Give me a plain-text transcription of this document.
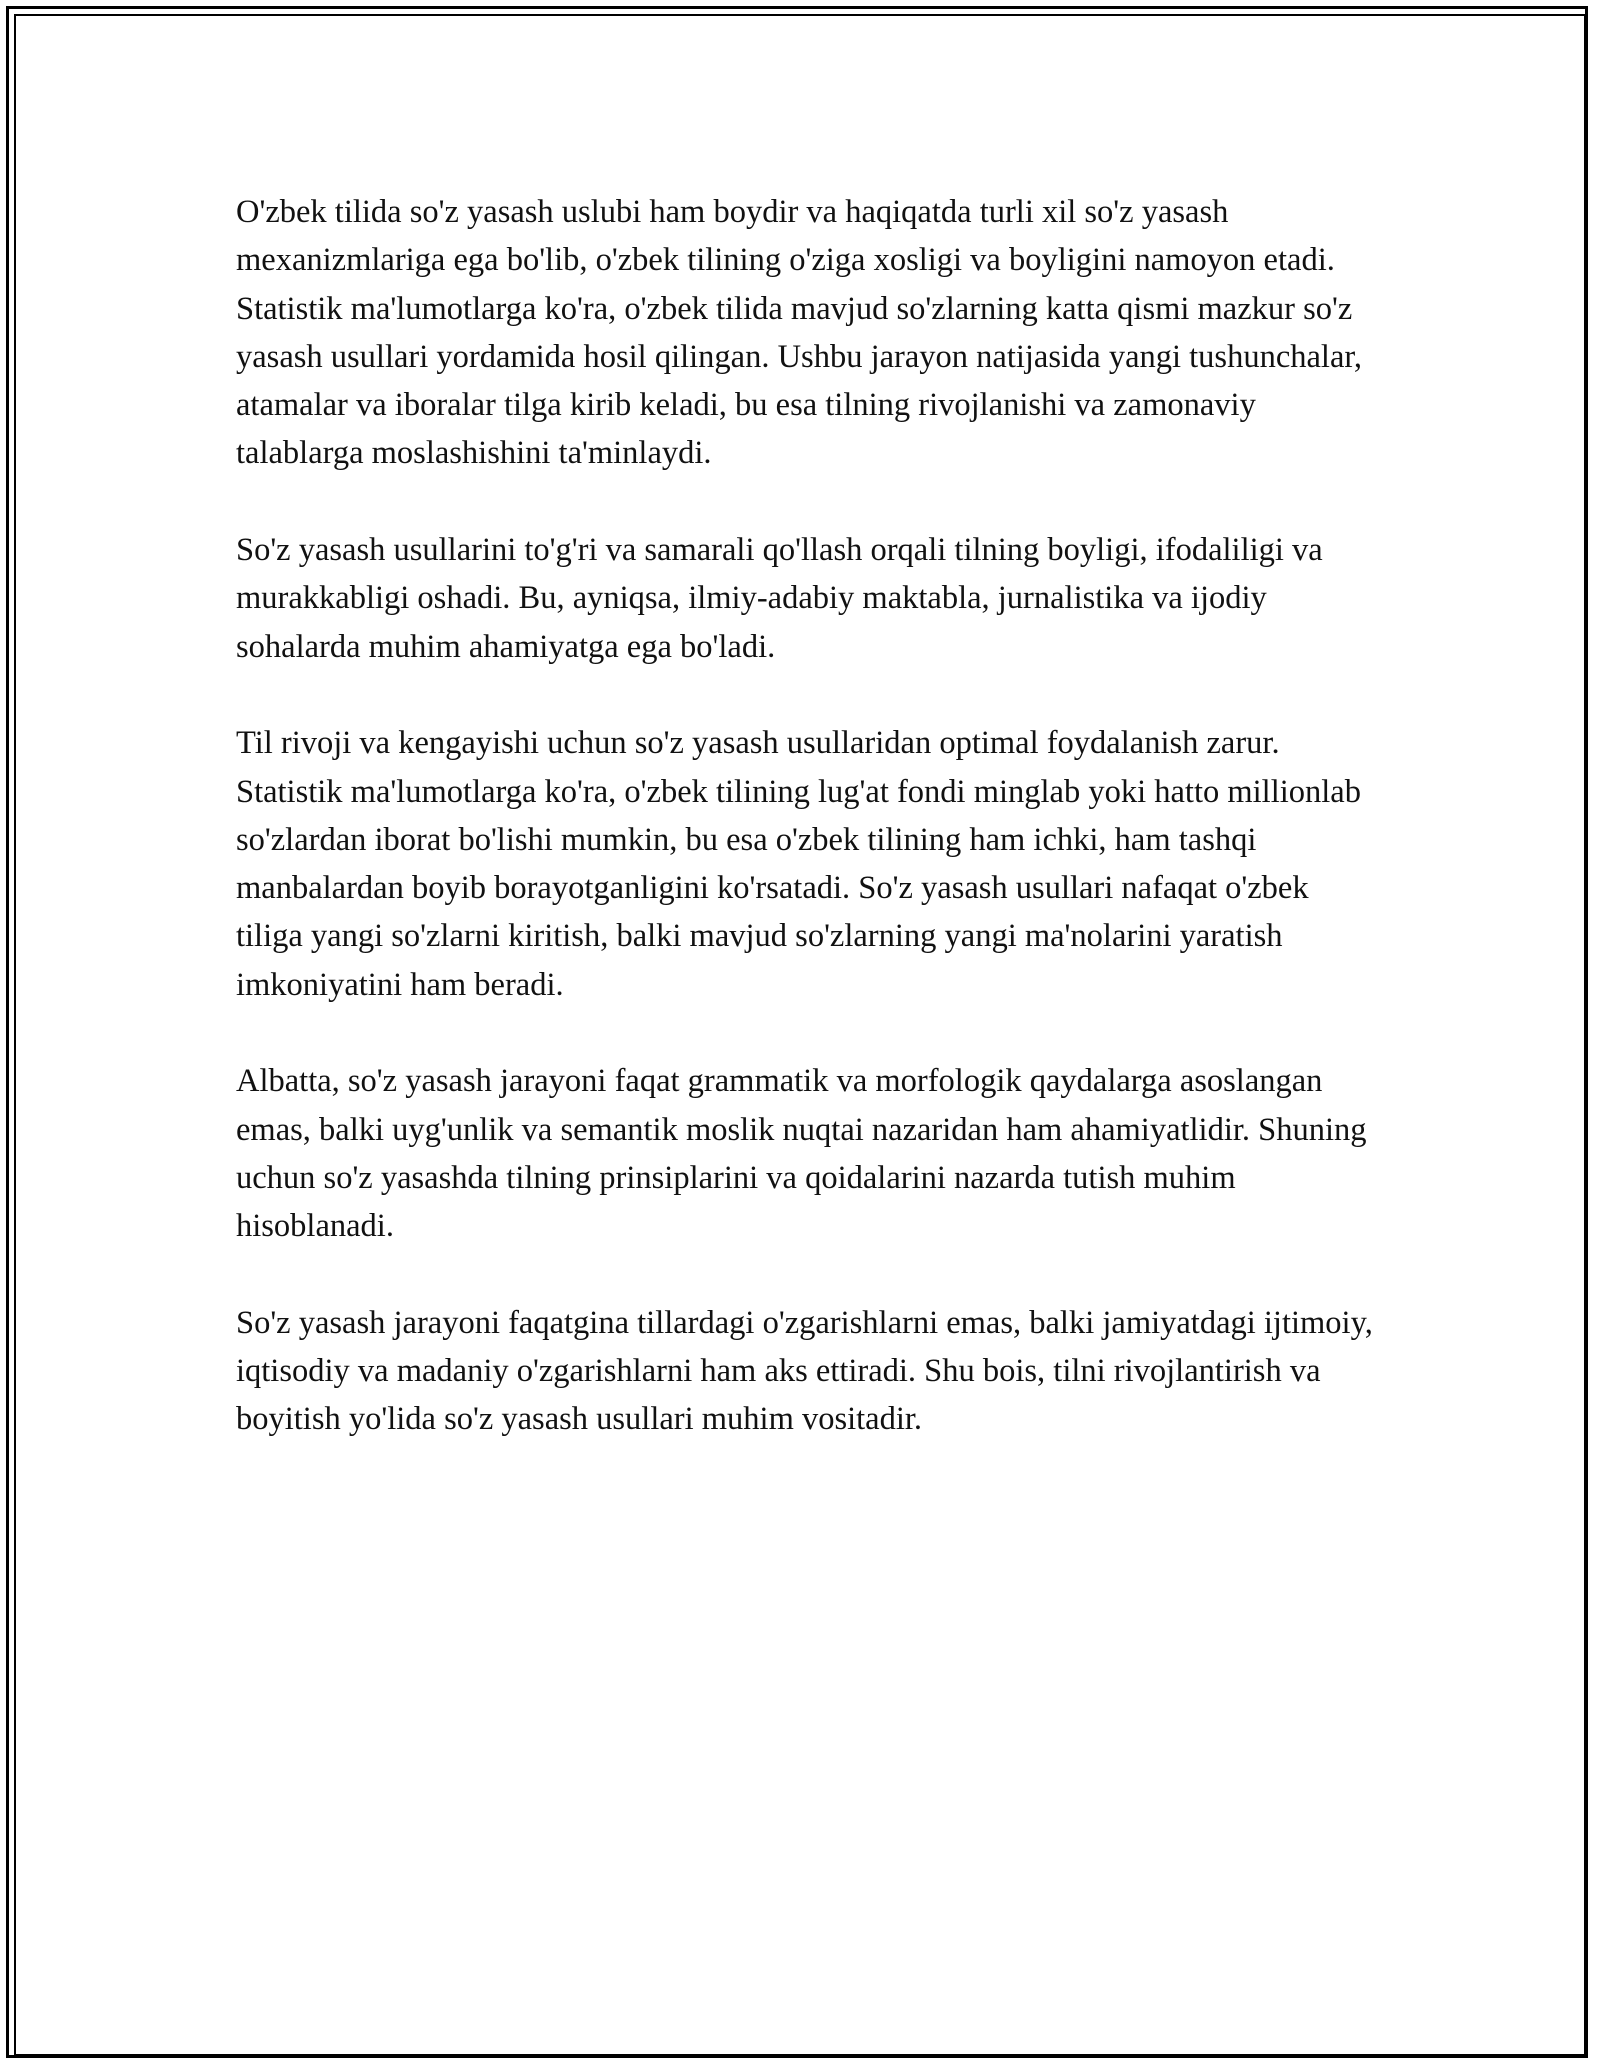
O'zbek tilida so'z yasash uslubi ham boydir va haqiqatda turli xil so'z yasash mexanizmlariga ega bo'lib, o'zbek tilining o'ziga xosligi va boyligini namoyon etadi. Statistik ma'lumotlarga ko'ra, o'zbek tilida mavjud so'zlarning katta qismi mazkur so'z yasash usullari yordamida hosil qilingan. Ushbu jarayon natijasida yangi tushunchalar, atamalar va iboralar tilga kirib keladi, bu esa tilning rivojlanishi va zamonaviy talablarga moslashishini ta'minlaydi.

So'z yasash usullarini to'g'ri va samarali qo'llash orqali tilning boyligi, ifodaliligi va murakkabligi oshadi. Bu, ayniqsa, ilmiy-adabiy maktabla, jurnalistika va ijodiy sohalarda muhim ahamiyatga ega bo'ladi.

Til rivoji va kengayishi uchun so'z yasash usullaridan optimal foydalanish zarur. Statistik ma'lumotlarga ko'ra, o'zbek tilining lug'at fondi minglab yoki hatto millionlab so'zlardan iborat bo'lishi mumkin, bu esa o'zbek tilining ham ichki, ham tashqi manbalardan boyib borayotganligini ko'rsatadi. So'z yasash usullari nafaqat o'zbek tiliga yangi so'zlarni kiritish, balki mavjud so'zlarning yangi ma'nolarini yaratish imkoniyatini ham beradi.

Albatta, so'z yasash jarayoni faqat grammatik va morfologik qaydalarga asoslangan emas, balki uyg'unlik va semantik moslik nuqtai nazaridan ham ahamiyatlidir. Shuning uchun so'z yasashda tilning prinsiplarini va qoidalarini nazarda tutish muhim hisoblanadi.

So'z yasash jarayoni faqatgina tillardagi o'zgarishlarni emas, balki jamiyatdagi ijtimoiy, iqtisodiy va madaniy o'zgarishlarni ham aks ettiradi. Shu bois, tilni rivojlantirish va boyitish yo'lida so'z yasash usullari muhim vositadir.
